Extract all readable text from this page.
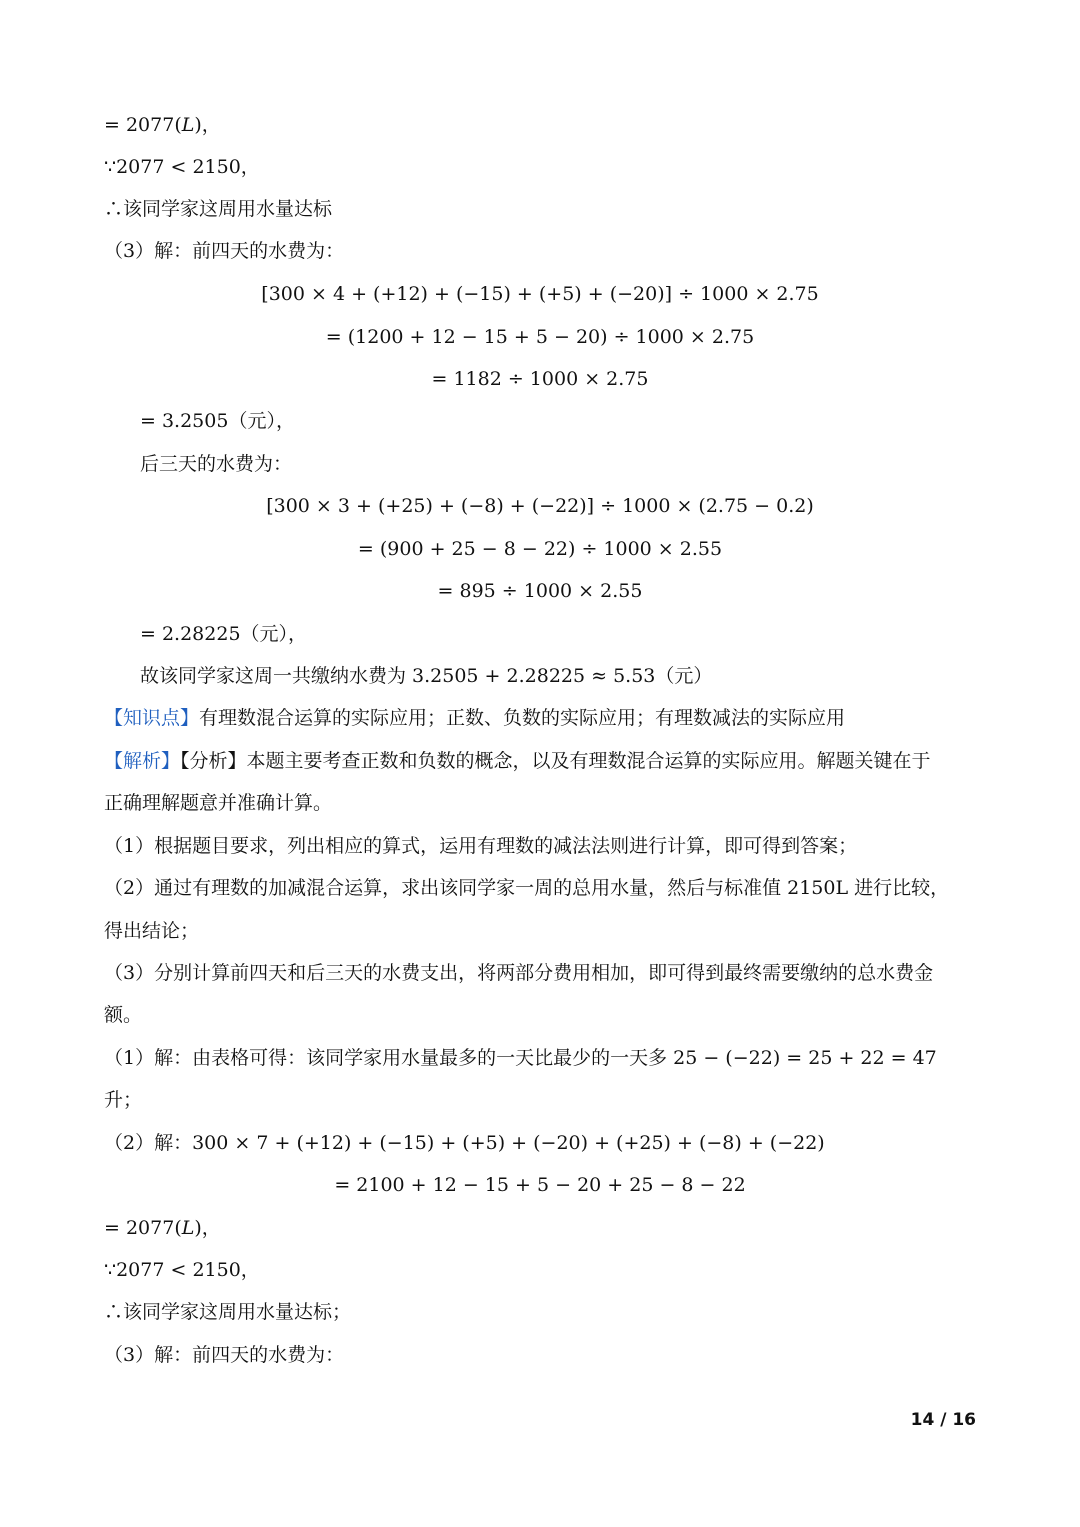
= 2077(𝐿)，
∵2077 < 2150，
∴该同学家这周用水量达标
（3）解：前四天的水费为：
[300 × 4 + (+12) + (−15) + (+5) + (−20)] ÷ 1000 × 2.75
= (1200 + 12 − 15 + 5 − 20) ÷ 1000 × 2.75
= 1182 ÷ 1000 × 2.75
= 3.2505（元），
后三天的水费为：
[300 × 3 + (+25) + (−8) + (−22)] ÷ 1000 × (2.75 − 0.2)
= (900 + 25 − 8 − 22) ÷ 1000 × 2.55
= 895 ÷ 1000 × 2.55
= 2.28225（元），
故该同学家这周一共缴纳水费为 3.2505 + 2.28225 ≈ 5.53（元）
【知识点】有理数混合运算的实际应用；正数、负数的实际应用；有理数减法的实际应用
【解析】【分析】本题主要考查正数和负数的概念，以及有理数混合运算的实际应用。解题关键在于
正确理解题意并准确计算。
（1）根据题目要求，列出相应的算式，运用有理数的减法法则进行计算，即可得到答案；
（2）通过有理数的加减混合运算，求出该同学家一周的总用水量，然后与标准值 2150L 进行比较，
得出结论；
（3）分别计算前四天和后三天的水费支出，将两部分费用相加，即可得到最终需要缴纳的总水费金
额。
（1）解：由表格可得：该同学家用水量最多的一天比最少的一天多 25 − (−22) = 25 + 22 = 47
升；
（2）解：300 × 7 + (+12) + (−15) + (+5) + (−20) + (+25) + (−8) + (−22)
= 2100 + 12 − 15 + 5 − 20 + 25 − 8 − 22
= 2077(𝐿)，
∵2077 < 2150，
∴该同学家这周用水量达标；
（3）解：前四天的水费为：
14 / 16
